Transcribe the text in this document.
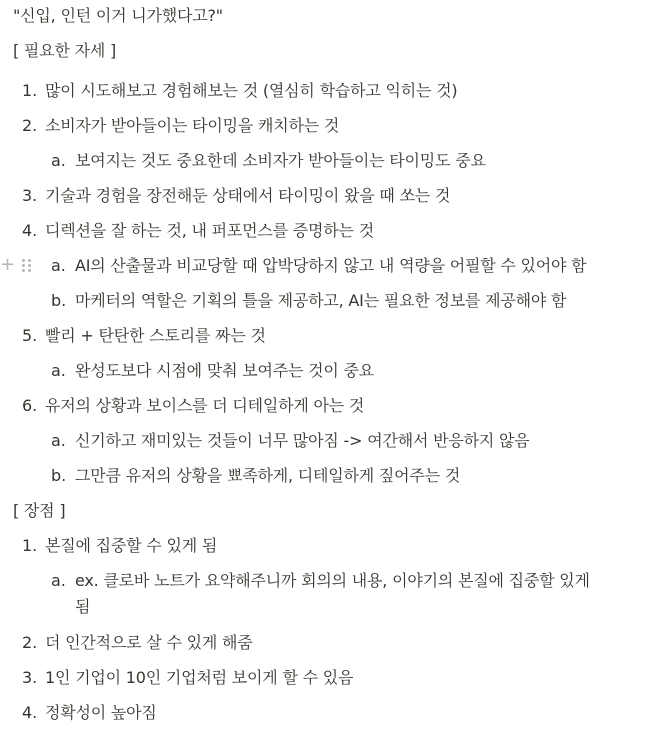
"신입, 인턴 이거 니가했다고?"
[ 필요한 자세 ]
1. 많이 시도해보고 경험해보는 것 (열심히 학습하고 익히는 것)
2. 소비자가 받아들이는 타이밍을 캐치하는 것
a. 보여지는 것도 중요한데 소비자가 받아들이는 타이밍도 중요
3. 기술과 경험을 장전해둔 상태에서 타이밍이 왔을 때 쏘는 것
4. 디렉션을 잘 하는 것, 내 퍼포먼스를 증명하는 것
+ a. AI의 산출물과 비교당할 때 압박당하지 않고 내 역량을 어필할 수 있어야 함
b. 마케터의 역할은 기획의 틀을 제공하고, AI는 필요한 정보를 제공해야 함
5. 빨리 + 탄탄한 스토리를 짜는 것
a. 완성도보다 시점에 맞춰 보여주는 것이 중요
6. 유저의 상황과 보이스를 더 디테일하게 아는 것
a. 신기하고 재미있는 것들이 너무 많아짐 -> 여간해서 반응하지 않음
b. 그만큼 유저의 상황을 뾰족하게, 디테일하게 짚어주는 것
[ 장점 ]
1. 본질에 집중할 수 있게 됨
a. ex. 클로바 노트가 요약해주니까 회의의 내용, 이야기의 본질에 집중할 있게
됨
2. 더 인간적으로 살 수 있게 해줌
3. 1인 기업이 10인 기업처럼 보이게 할 수 있음
4. 정확성이 높아짐
